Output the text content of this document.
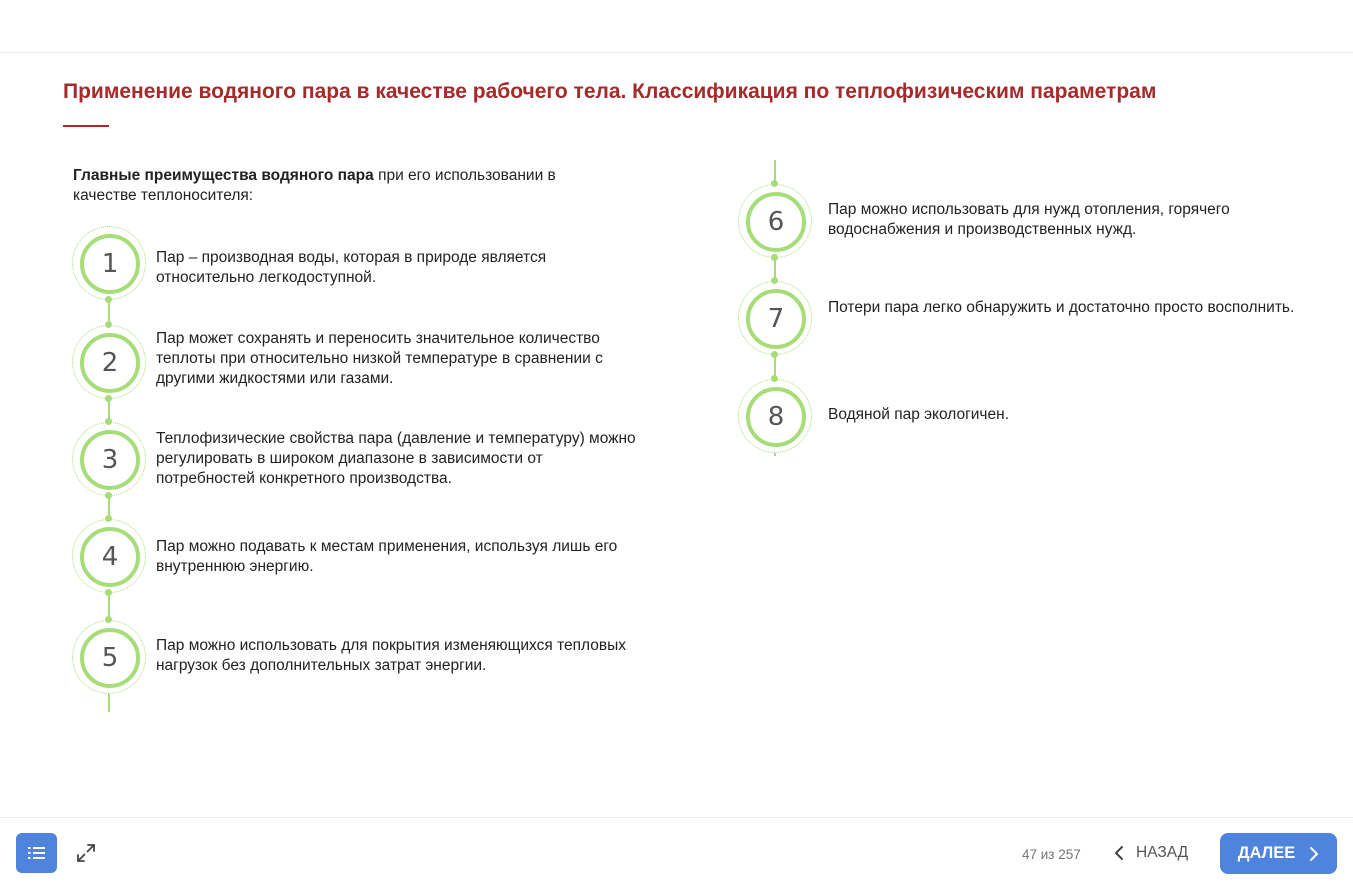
Применение водяного пара в качестве рабочего тела. Классификация по теплофизическим параметрам

Главные преимущества водяного пара при его использовании в качестве теплоносителя:

1	Пар – производная воды, которая в природе является относительно легкодоступной.
2
Пар может сохранять и переносить значительное количество теплоты при относительно низкой температуре в сравнении с другими жидкостями или газами.
3
Теплофизические свойства пара (давление и температуру) можно регулировать в широком диапазоне в зависимости от потребностей конкретного производства.
4	Пар можно подавать к местам применения, используя лишь его внутреннюю энергию.
5	Пар можно использовать для покрытия изменяющихся тепловых нагрузок без дополнительных затрат энергии.
6	Пар можно использовать для нужд отопления, горячего водоснабжения и производственных нужд.
7	Потери пара легко обнаружить и достаточно просто восполнить.
8	Водяной пар экологичен.
47 из 257	НАЗАД	ДАЛЕЕ
